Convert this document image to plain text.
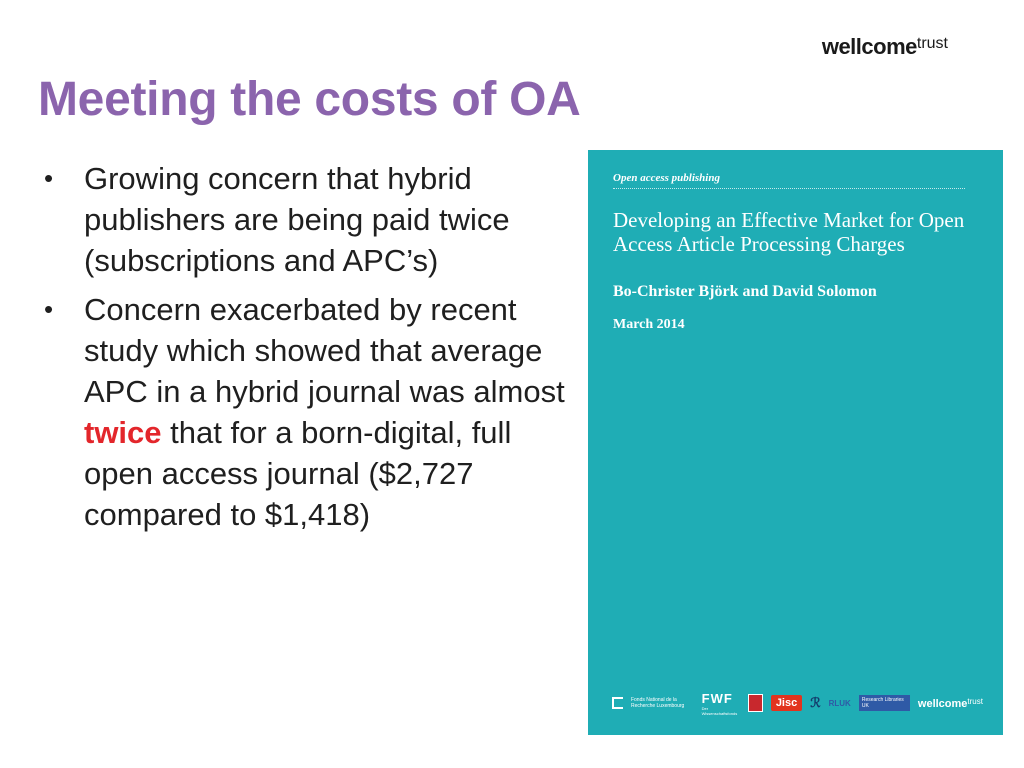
wellcometrust
Meeting the costs of OA
• Growing concern that hybrid publishers are being paid twice (subscriptions and APC’s)
• Concern exacerbated by recent study which showed that average APC in a hybrid journal was almost twice that for a born-digital, full open access journal ($2,727 compared to $1,418)
Open access publishing
Developing an Effective Market for Open Access Article Processing Charges
Bo-Christer Björk and David Solomon
March 2014
Fonds National de la Recherche Luxembourg
FWF
Der Wissenschaftsfonds
Jisc	ℛ RLUK	Research Libraries UK	wellcometrust
